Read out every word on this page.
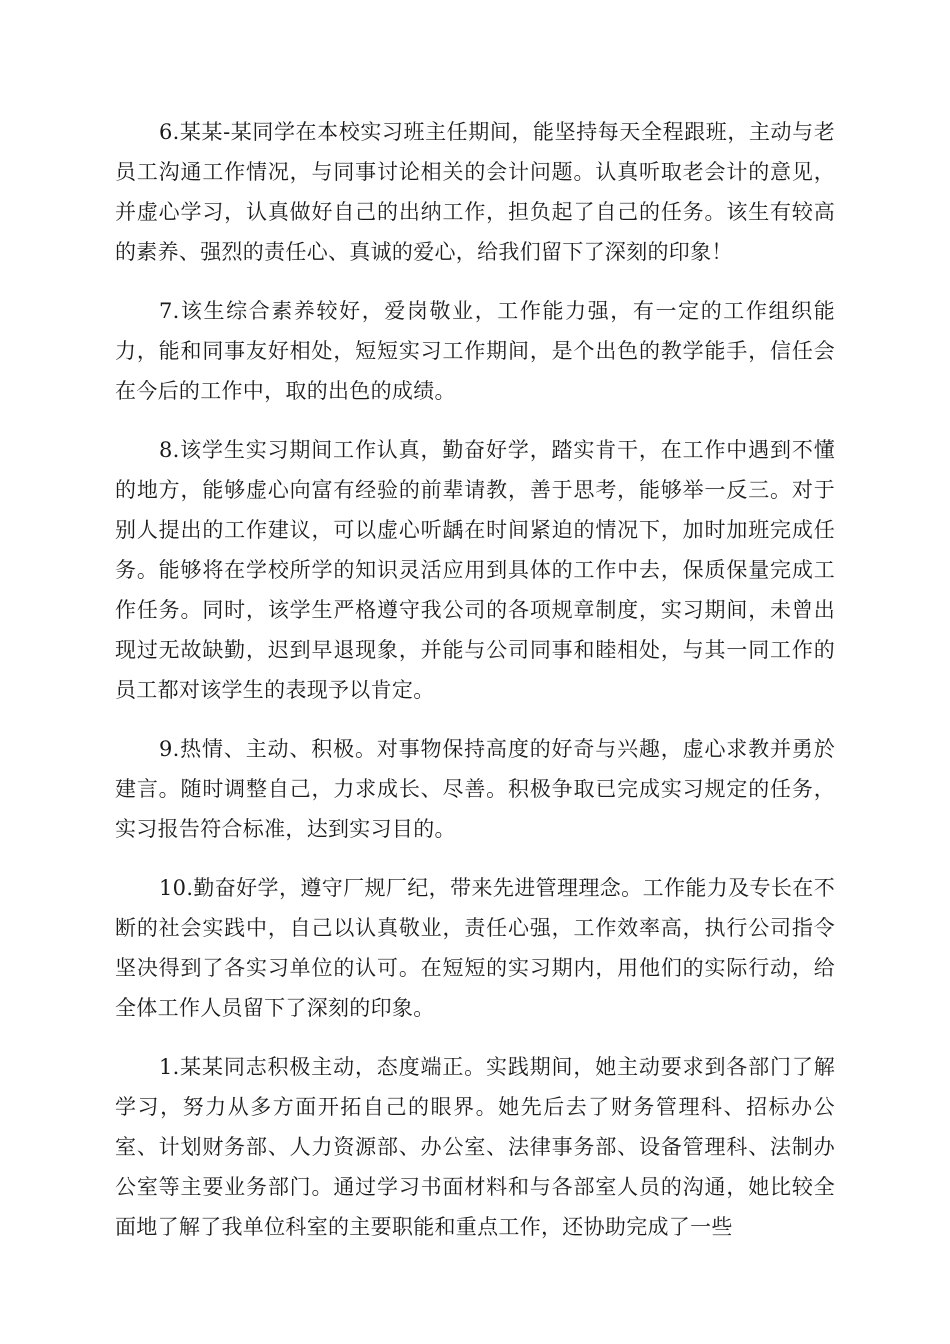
6.某某-某同学在本校实习班主任期间，能坚持每天全程跟班，主动与老员工沟通工作情况，与同事讨论相关的会计问题。认真听取老会计的意见，并虚心学习，认真做好自己的出纳工作，担负起了自己的任务。该生有较高的素养、强烈的责任心、真诚的爱心，给我们留下了深刻的印象！

7.该生综合素养较好，爱岗敬业，工作能力强，有一定的工作组织能力，能和同事友好相处，短短实习工作期间，是个出色的教学能手，信任会在今后的工作中，取的出色的成绩。

8.该学生实习期间工作认真，勤奋好学，踏实肯干，在工作中遇到不懂的地方，能够虚心向富有经验的前辈请教，善于思考，能够举一反三。对于别人提出的工作建议，可以虚心听龋在时间紧迫的情况下，加时加班完成任务。能够将在学校所学的知识灵活应用到具体的工作中去，保质保量完成工作任务。同时，该学生严格遵守我公司的各项规章制度，实习期间，未曾出现过无故缺勤，迟到早退现象，并能与公司同事和睦相处，与其一同工作的员工都对该学生的表现予以肯定。

9.热情、主动、积极。对事物保持高度的好奇与兴趣，虚心求教并勇於建言。随时调整自己，力求成长、尽善。积极争取已完成实习规定的任务，实习报告符合标准，达到实习目的。

10.勤奋好学，遵守厂规厂纪，带来先进管理理念。工作能力及专长在不断的社会实践中，自己以认真敬业，责任心强，工作效率高，执行公司指令坚决得到了各实习单位的认可。在短短的实习期内，用他们的实际行动，给全体工作人员留下了深刻的印象。

1.某某同志积极主动，态度端正。实践期间，她主动要求到各部门了解学习，努力从多方面开拓自己的眼界。她先后去了财务管理科、招标办公室、计划财务部、人力资源部、办公室、法律事务部、设备管理科、法制办公室等主要业务部门。通过学习书面材料和与各部室人员的沟通，她比较全面地了解了我单位科室的主要职能和重点工作，还协助完成了一些
